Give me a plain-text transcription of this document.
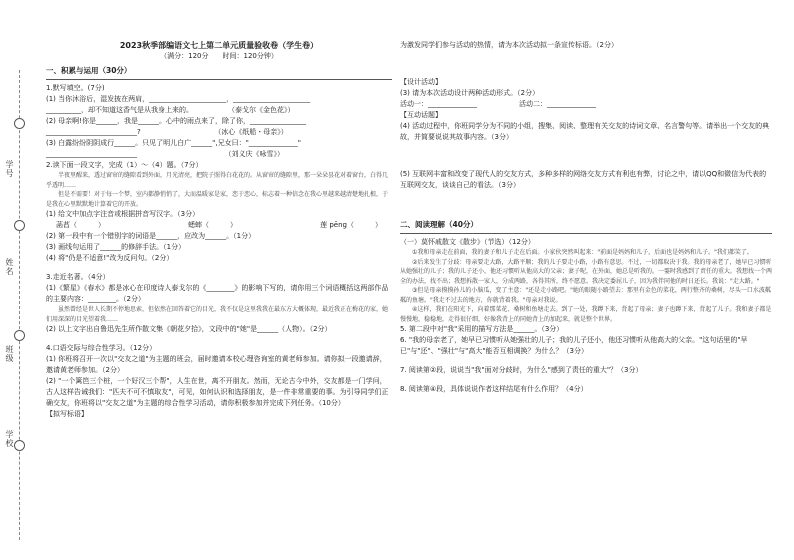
学号
姓名
班级
学校
2023秋季部编语文七上第二单元质量验收卷（学生卷）
（满分：120分　　时间：120分钟）
一、积累与运用（30分）

1.默写填空。(7分)

(1) 当你沐浴后，湿发披在两肩，______________________，______________________

__________，却不知道这香气是从我身上来的。　　　　　　（泰戈尔《金色花》）

(2) 母亲啊!你是______，我是______。心中的雨点来了，除了你，________________

__________________________?　　　　　　　　　　　（冰心《纸船・母亲》）

(3) 白露纷纷阴阴成行______。只见了明儿白广______",兄女曰："______________"

__________________________　　　　　　　　　　　　　（刘义庆《咏雪》）

2.读下面一段文字，完成（1）～（4）题。（7分）

半夜里醒来，透过窗帘的缝隙看到外面，月光清亮，把院子照得白花花的。从窗帘的缝隙里，那一朵朵昙花对着窗台，白得几乎透明……

但是不需要！对于每一个梦，室内都静悄悄了，大而温暖家是家，恋于恋心，标志着一种信念在我心里越来越清楚地扎根，于是我在心里默默地计算着它的开放。

(1) 给文中加点字注音或根据拼音写汉字。（3分）

菡萏（　　　）	蟋蟀（　　　）	莲 pēng（　　　）

(2) 第一段中有一个错别字的词语是______，应改为______。（1分）

(3) 画线句运用了______的修辞手法。（1分）

(4) 将"仍是不适意!"改为反问句。（2分）

3.走近名著。（4分）

(1)《繁星》《春水》都是冰心在印度诗人泰戈尔的《________》的影响下写的，请你用三个词语概括这两部作品的主要内容：________。（2分）

虽然曾经是世人长期不停地思索，但依然在回答着它的目光，我不仅是这里我我在最东方大概体现，最近我正在梅花的家，她们用深深的目光望着我……

(2) 以上文字出自鲁迅先生所作散文集《朝花夕拾》，文段中的"她"是______（人物）。（2分）

4.口语交际与综合性学习。（12分）

(1) 你班将召开一次以"交友之道"为主题的班会，届时邀请本校心理咨询室的黄老师参加。请你拟一段邀请辞，邀请黄老师参加。（2分）

(2) "一个篱笆三个桩，一个好汉三个帮"，人生在世，离不开朋友。然而，无论古今中外，交友都是一门学问，古人这样告诫我们："匹夫不可不慎取友"，可见，如何认识和选择朋友，是一件非常重要的事。为引导同学们正确交友，你班将以"交友之道"为主题的综合性学习活动，请你积极参加并完成下列任务。（10分）

【拟写标语】

为激发同学们参与活动的热情，请为本次活动拟一条宣传标语。（2分）

【设计活动】

(3) 请为本次活动设计两种活动形式。（2分）

活动一：______________　　　　　　活动二：______________

【互动话题】

(4) 活动过程中，你班同学分为不同的小组，搜集、阅读、整理有关交友的诗词文章、名言警句等。请举出一个交友的典故，并简要说说其故事内容。（3分）

(5) 互联网丰富和改变了现代人的交友方式，多种多样的网络交友方式有利也有弊，讨论之中，请以QQ和微信为代表的互联网交友，谈谈自己的看法。（3分）

二、阅读理解（40分）

（一）莫怀戚散文《散步》（节选）（12分）

①我和母亲走在前面，我的妻子和儿子走在后面。小家伙突然叫起来："前面是妈妈和儿子，后面也是妈妈和儿子。"我们都笑了。

②后来发生了分歧：母亲要走大路，大路平顺；我的儿子要走小路，小路有意思。不过，一切都取决于我。我的母亲老了，她早已习惯听从她强壮的儿子；我的儿子还小，他还习惯听从他高大的父亲；妻子呢，在外面，她总是听我的。一霎时我感到了责任的重大。我想找一个两全的办法，找不出；我想拆散一家人，分成两路，各得其所，终不愿意。我决定委屈儿子，因为我伴同他的时日还长。我说："走大路。"

③但是母亲摸摸孙儿的小脑瓜，变了主意："还是走小路吧。"她的眼随小路望去：那里有金色的菜花，两行整齐的桑树，尽头一口水波粼粼的鱼塘。"我走不过去的地方，你就背着我。"母亲对我说。

④这样，我们在阳光下，向着那菜花、桑树和鱼塘走去。到了一处，我蹲下来，背起了母亲；妻子也蹲下来，背起了儿子。我和妻子都是慢慢地，稳稳地，走得很仔细，好像我背上的同她背上的加起来，就是整个世界。

5. 第二段中对"我"采用的描写方法是______。（3分）

6. "我的母亲老了，她早已习惯听从她强壮的儿子；我的儿子还小，他还习惯听从他高大的父亲。"这句话里的"早已"与"还"、"强壮"与"高大"能否互相调换？为什么？（3分）

7. 阅读第②段，说说当"我"面对分歧时，为什么"感到了责任的重大"？（3分）

8. 阅读第④段，具体说说作者这样结尾有什么作用？（4分）
